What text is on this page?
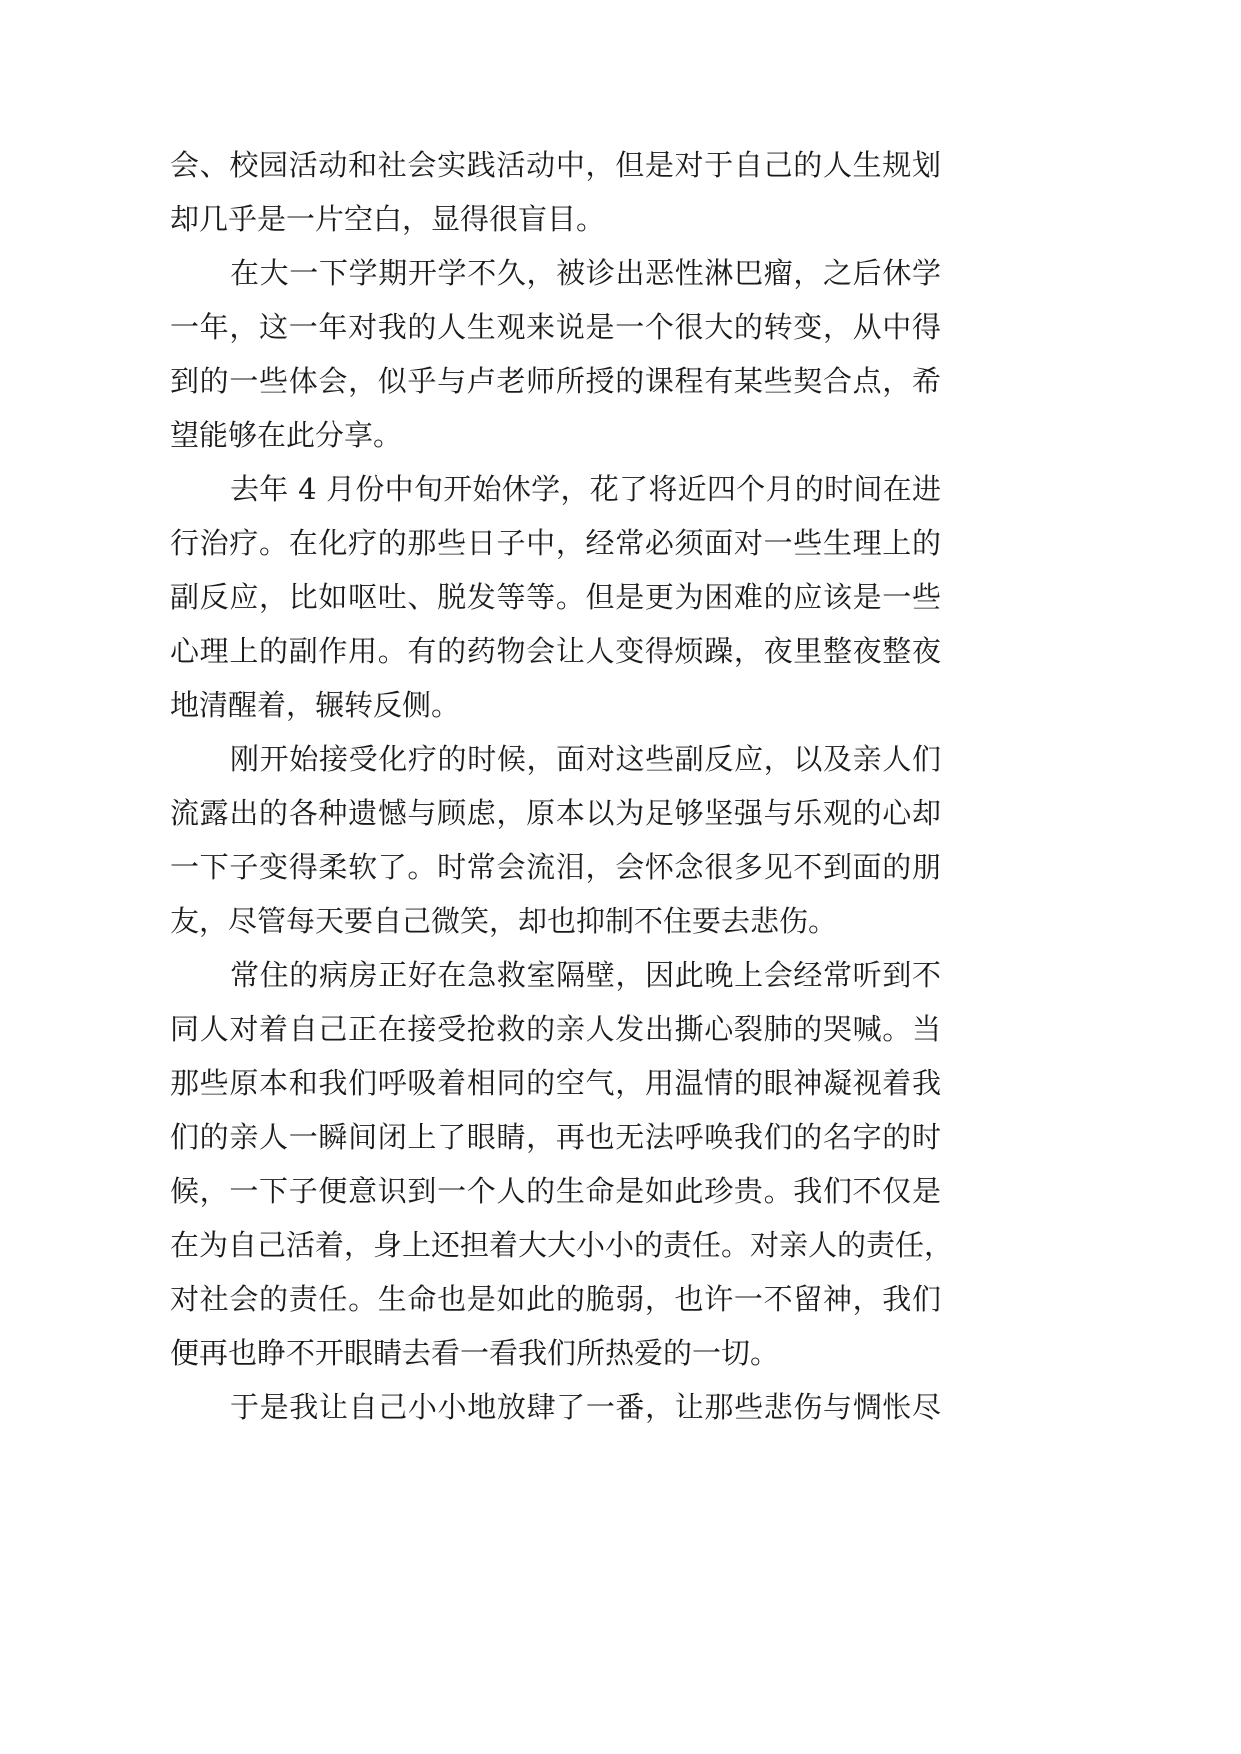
会、校园活动和社会实践活动中，但是对于自己的人生规划

却几乎是一片空白，显得很盲目。

在大一下学期开学不久，被诊出恶性淋巴瘤，之后休学

一年，这一年对我的人生观来说是一个很大的转变，从中得

到的一些体会，似乎与卢老师所授的课程有某些契合点，希

望能够在此分享。

去年 4 月份中旬开始休学，花了将近四个月的时间在进

行治疗。在化疗的那些日子中，经常必须面对一些生理上的

副反应，比如呕吐、脱发等等。但是更为困难的应该是一些

心理上的副作用。有的药物会让人变得烦躁，夜里整夜整夜

地清醒着，辗转反侧。

刚开始接受化疗的时候，面对这些副反应，以及亲人们

流露出的各种遗憾与顾虑，原本以为足够坚强与乐观的心却

一下子变得柔软了。时常会流泪，会怀念很多见不到面的朋

友，尽管每天要自己微笑，却也抑制不住要去悲伤。

常住的病房正好在急救室隔壁，因此晚上会经常听到不

同人对着自己正在接受抢救的亲人发出撕心裂肺的哭喊。当

那些原本和我们呼吸着相同的空气，用温情的眼神凝视着我

们的亲人一瞬间闭上了眼睛，再也无法呼唤我们的名字的时

候，一下子便意识到一个人的生命是如此珍贵。我们不仅是

在为自己活着，身上还担着大大小小的责任。对亲人的责任，

对社会的责任。生命也是如此的脆弱，也许一不留神，我们

便再也睁不开眼睛去看一看我们所热爱的一切。

于是我让自己小小地放肆了一番，让那些悲伤与惆怅尽
